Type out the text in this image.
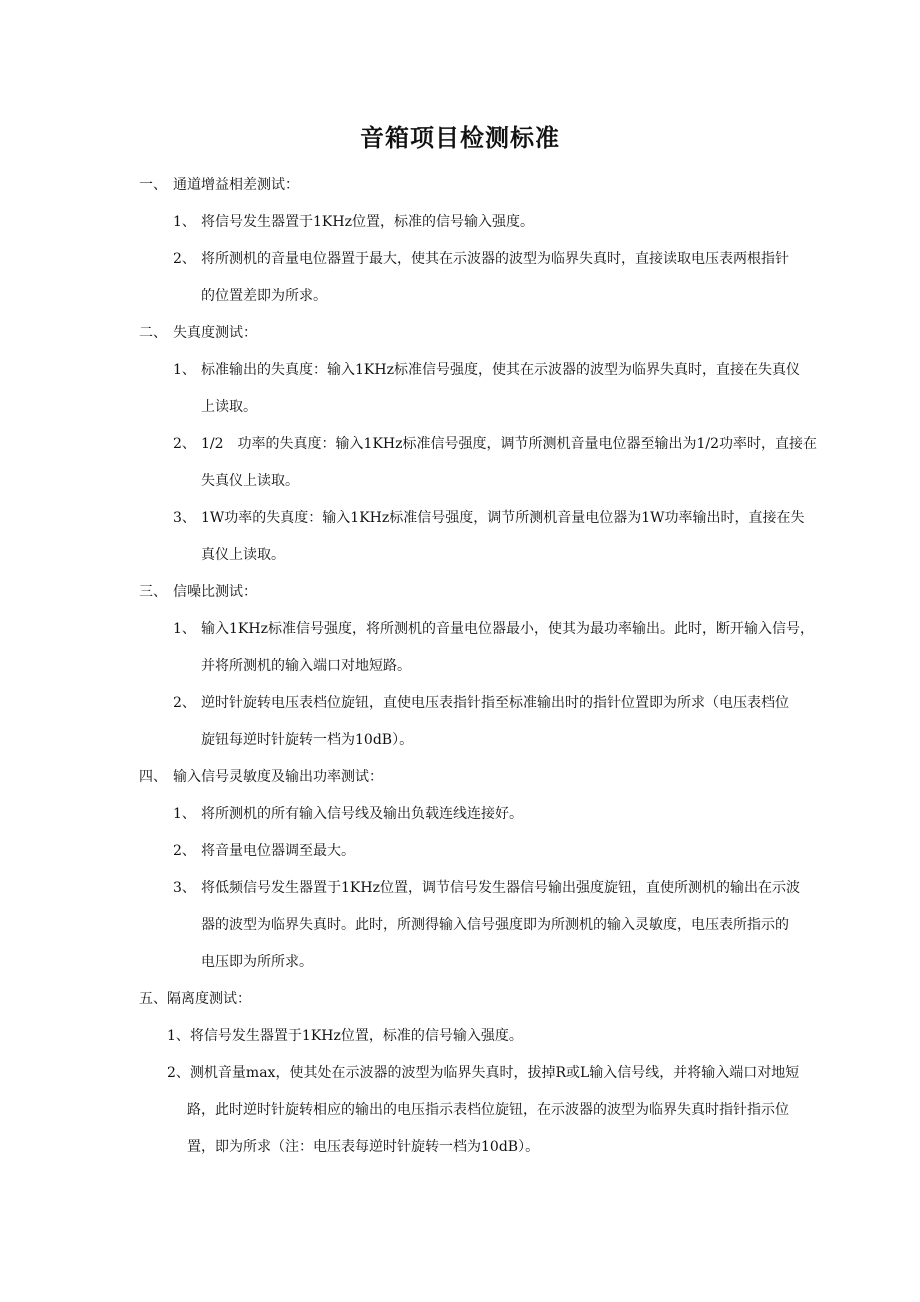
音箱项目检测标准
一、 通道增益相差测试：
1、 将信号发生器置于1KHz位置，标准的信号输入强度。
2、 将所测机的音量电位器置于最大，使其在示波器的波型为临界失真时，直接读取电压表两根指针
的位置差即为所求。
二、 失真度测试：
1、 标准输出的失真度：输入1KHz标准信号强度，使其在示波器的波型为临界失真时，直接在失真仪
上读取。
2、 1/2　功率的失真度：输入1KHz标准信号强度，调节所测机音量电位器至输出为1/2功率时，直接在
失真仪上读取。
3、 1W功率的失真度：输入1KHz标准信号强度，调节所测机音量电位器为1W功率输出时，直接在失
真仪上读取。
三、 信噪比测试：
1、 输入1KHz标准信号强度，将所测机的音量电位器最小，使其为最功率输出。此时，断开输入信号，
并将所测机的输入端口对地短路。
2、 逆时针旋转电压表档位旋钮，直使电压表指针指至标准输出时的指针位置即为所求（电压表档位
旋钮每逆时针旋转一档为10dB）。
四、 输入信号灵敏度及输出功率测试：
1、 将所测机的所有输入信号线及输出负载连线连接好。
2、 将音量电位器调至最大。
3、 将低频信号发生器置于1KHz位置，调节信号发生器信号输出强度旋钮，直使所测机的输出在示波
器的波型为临界失真时。此时，所测得输入信号强度即为所测机的输入灵敏度，电压表所指示的
电压即为所所求。
五、隔离度测试：
1、将信号发生器置于1KHz位置，标准的信号输入强度。
2、测机音量max，使其处在示波器的波型为临界失真时，拔掉R或L输入信号线，并将输入端口对地短
路，此时逆时针旋转相应的输出的电压指示表档位旋钮，在示波器的波型为临界失真时指针指示位
置，即为所求（注：电压表每逆时针旋转一档为10dB）。
